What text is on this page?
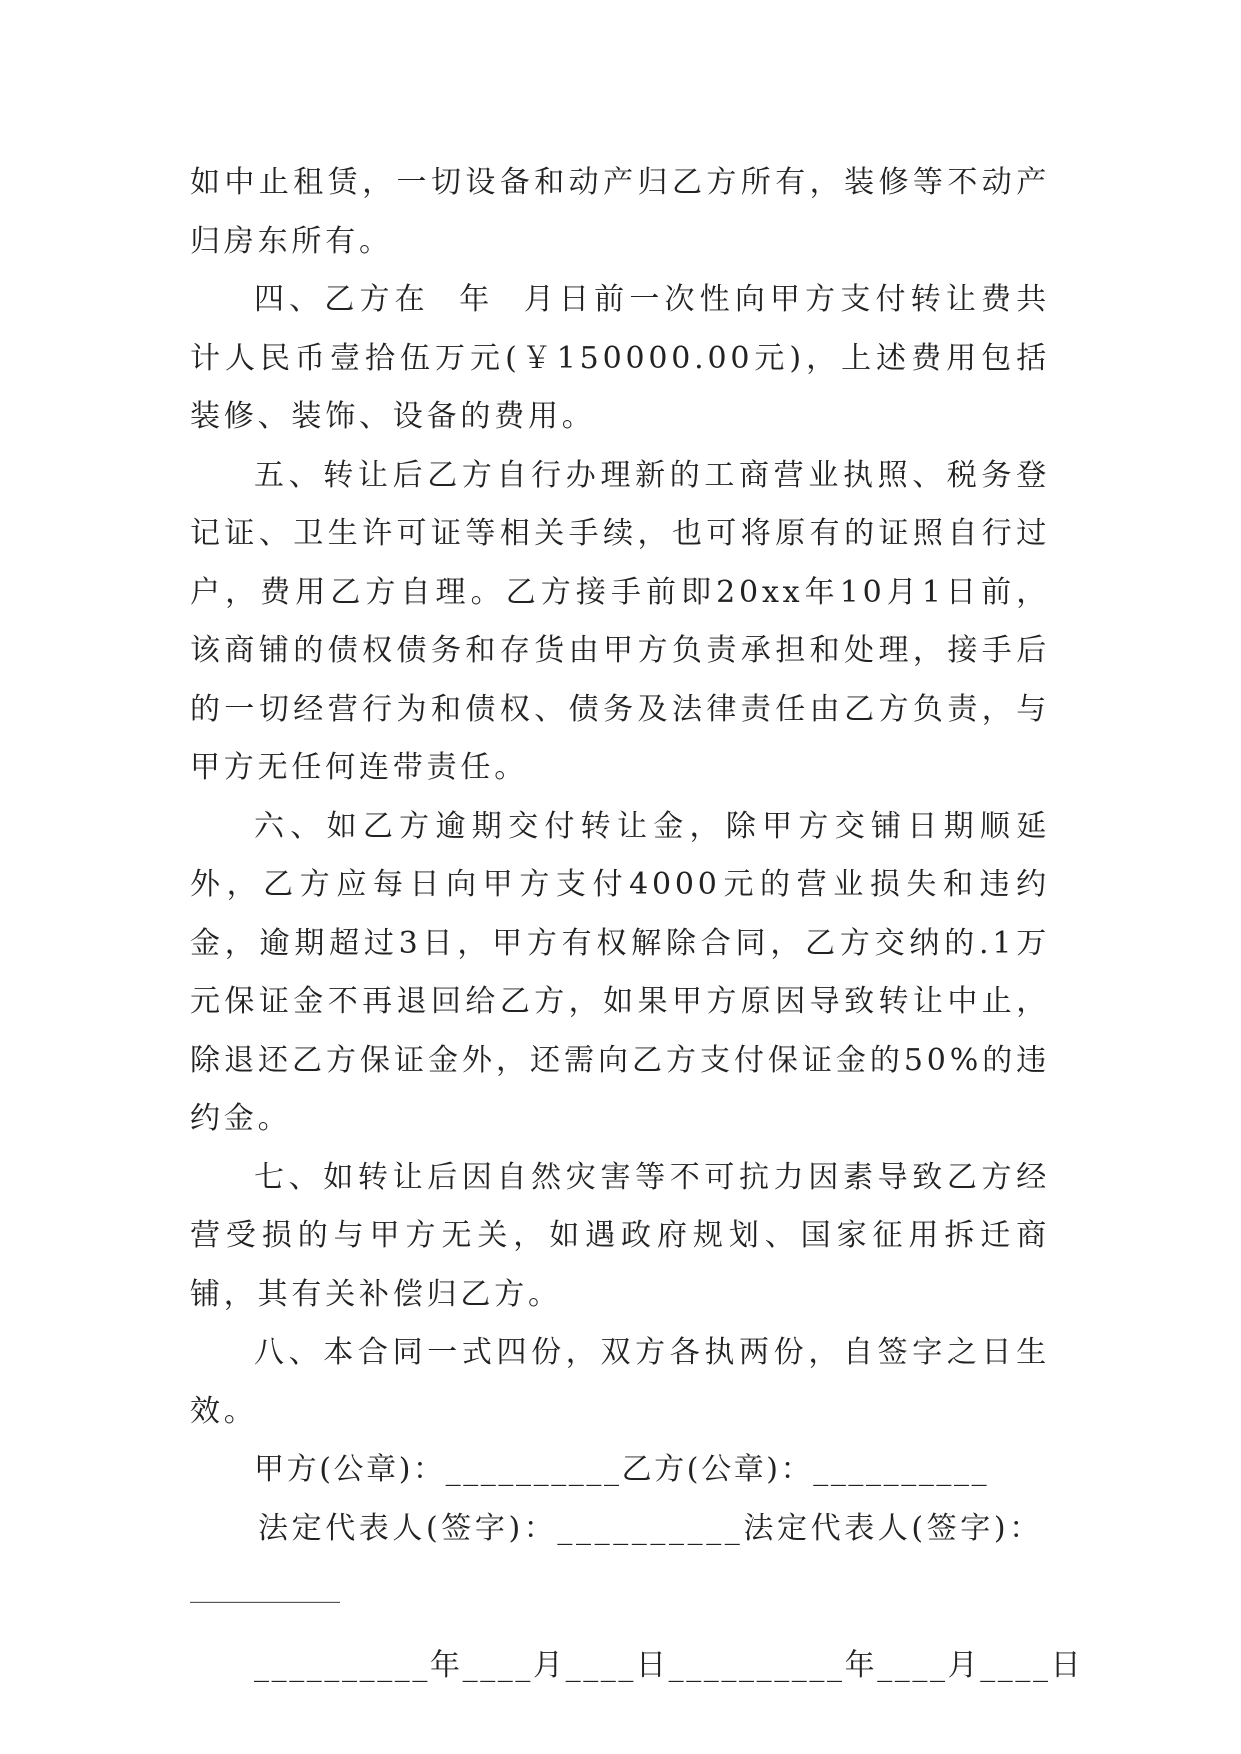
如中止租赁，一切设备和动产归乙方所有，装修等不动产归房东所有。

四、乙方在  年  月日前一次性向甲方支付转让费共计人民币壹拾伍万元(￥150000.00元)，上述费用包括装修、装饰、设备的费用。

五、转让后乙方自行办理新的工商营业执照、税务登记证、卫生许可证等相关手续，也可将原有的证照自行过户，费用乙方自理。乙方接手前即20xx年10月1日前，该商铺的债权债务和存货由甲方负责承担和处理，接手后的一切经营行为和债权、债务及法律责任由乙方负责，与甲方无任何连带责任。

六、如乙方逾期交付转让金，除甲方交铺日期顺延外，乙方应每日向甲方支付4000元的营业损失和违约金，逾期超过3日，甲方有权解除合同，乙方交纳的.1万元保证金不再退回给乙方，如果甲方原因导致转让中止，除退还乙方保证金外，还需向乙方支付保证金的50%的违约金。

七、如转让后因自然灾害等不可抗力因素导致乙方经营受损的与甲方无关，如遇政府规划、国家征用拆迁商铺，其有关补偿归乙方。

八、本合同一式四份，双方各执两份，自签字之日生效。

甲方(公章)：__________乙方(公章)：__________

法定代表人(签字)：__________法定代表人(签字)：

__________

__________年____月____日__________年____月____日
